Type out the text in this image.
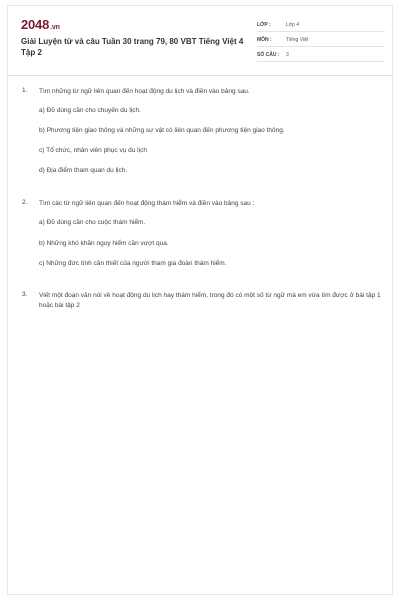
2048.vn
Giải Luyện từ và câu Tuần 30 trang 79, 80 VBT Tiếng Việt 4 Tập 2
LỚP :	Lớp 4
MÔN :	Tiếng Việt
SỐ CÂU : 3
1. Tìm những từ ngữ liên quan đến hoạt động du lịch và điền vào bảng sau.
a) Đồ dùng cần cho chuyến du lịch.
b) Phương tiện giao thông và những sự vật có liên quan đến phương tiện giao thông.
c) Tổ chức, nhân viên phục vụ du lịch
d) Địa điểm tham quan du lịch.
2. Tìm các từ ngữ liên quan đến hoạt động thám hiểm và điền vào bảng sau :
a) Đồ dùng cần cho cuộc thám hiểm.
b) Những khó khăn nguy hiểm cần vượt qua.
c) Những đức tính cần thiết của người tham gia đoàn thám hiểm.
3. Viết một đoạn văn nói về hoạt động du lịch hay thám hiểm, trong đó có một số từ ngữ mà em vừa tìm được ở bài tập 1 hoặc bài tập 2
